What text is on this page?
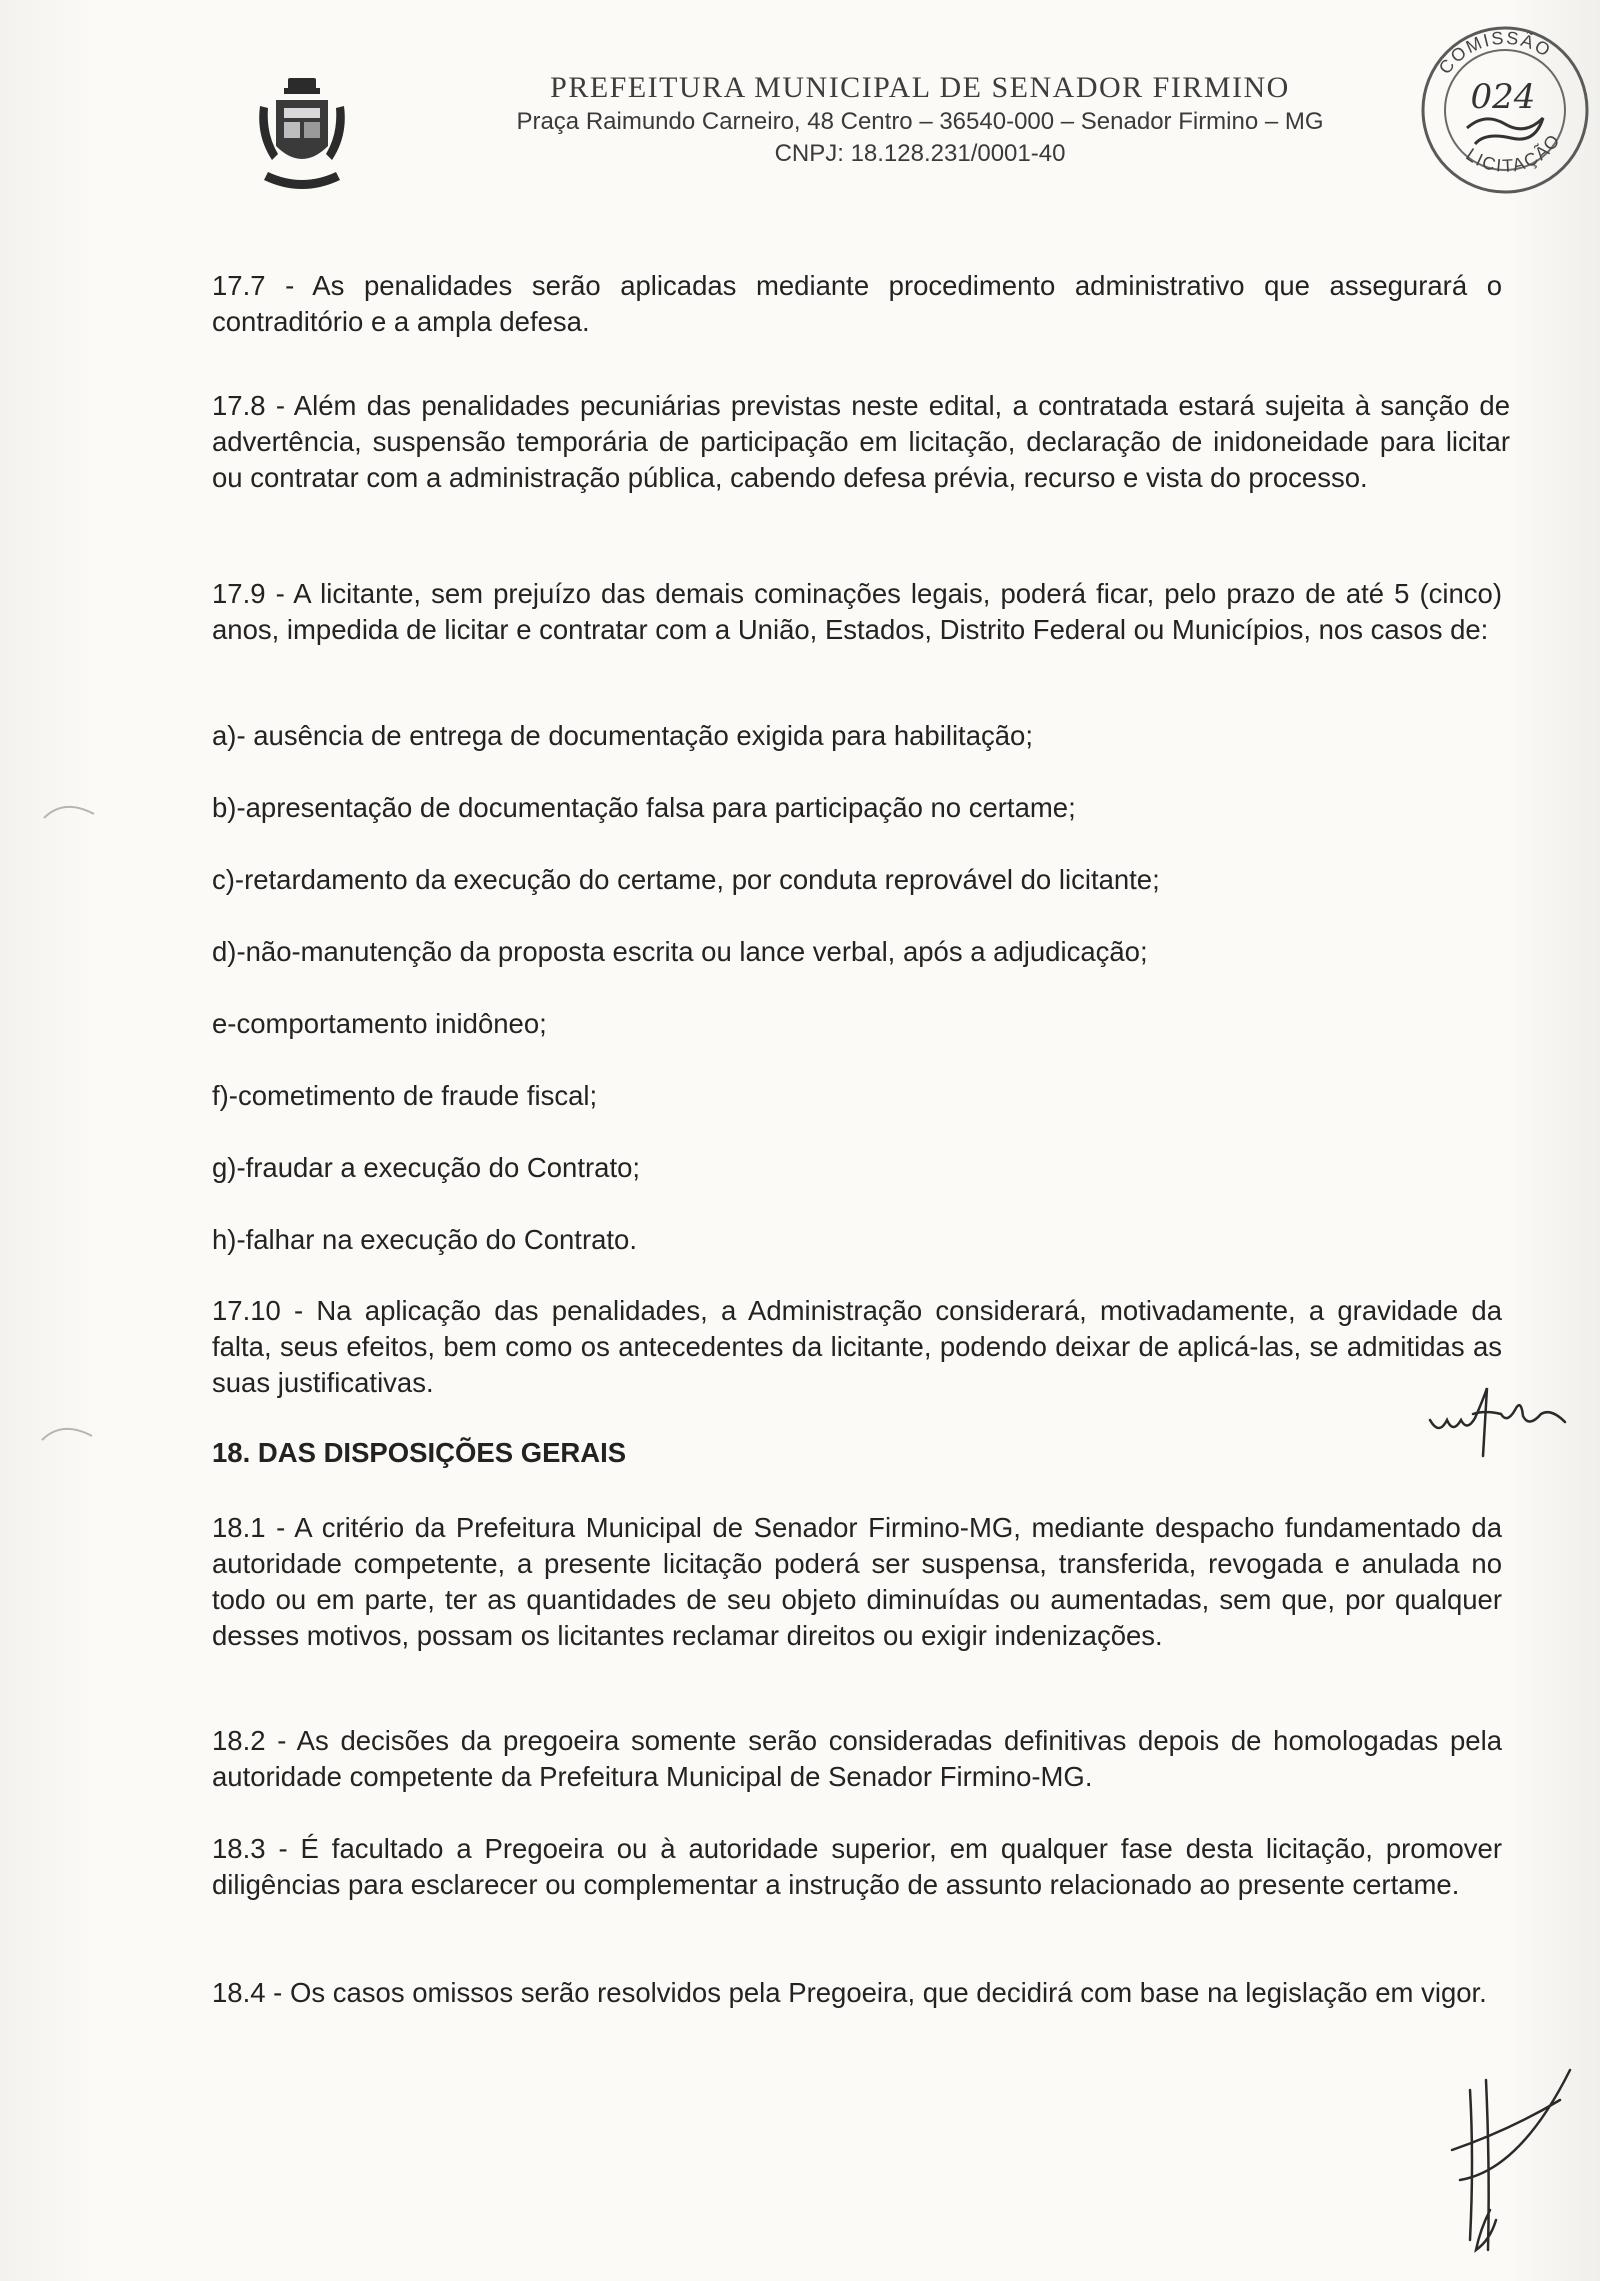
PREFEITURA MUNICIPAL DE SENADOR FIRMINO
Praça Raimundo Carneiro, 48 Centro – 36540-000 – Senador Firmino – MG
CNPJ: 18.128.231/0001-40
COMISSÃO
LICITAÇÃO
024

17.7 - As penalidades serão aplicadas mediante procedimento administrativo que assegurará o contraditório e a ampla defesa.

17.8 - Além das penalidades pecuniárias previstas neste edital, a contratada estará sujeita à sanção de advertência, suspensão temporária de participação em licitação, declaração de inidoneidade para licitar ou contratar com a administração pública, cabendo defesa prévia, recurso e vista do processo.

17.9 - A licitante, sem prejuízo das demais cominações legais, poderá ficar, pelo prazo de até 5 (cinco) anos, impedida de licitar e contratar com a União, Estados, Distrito Federal ou Municípios, nos casos de:

a)- ausência de entrega de documentação exigida para habilitação;
b)-apresentação de documentação falsa para participação no certame;
c)-retardamento da execução do certame, por conduta reprovável do licitante;
d)-não-manutenção da proposta escrita ou lance verbal, após a adjudicação;
e-comportamento inidôneo;
f)-cometimento de fraude fiscal;
g)-fraudar a execução do Contrato;
h)-falhar na execução do Contrato.

17.10 - Na aplicação das penalidades, a Administração considerará, motivadamente, a gravidade da falta, seus efeitos, bem como os antecedentes da licitante, podendo deixar de aplicá-las, se admitidas as suas justificativas.

18. DAS DISPOSIÇÕES GERAIS

18.1 - A critério da Prefeitura Municipal de Senador Firmino-MG, mediante despacho fundamentado da autoridade competente, a presente licitação poderá ser suspensa, transferida, revogada e anulada no todo ou em parte, ter as quantidades de seu objeto diminuídas ou aumentadas, sem que, por qualquer desses motivos, possam os licitantes reclamar direitos ou exigir indenizações.

18.2 - As decisões da pregoeira somente serão consideradas definitivas depois de homologadas pela autoridade competente da Prefeitura Municipal de Senador Firmino-MG.

18.3 - É facultado a Pregoeira ou à autoridade superior, em qualquer fase desta licitação, promover diligências para esclarecer ou complementar a instrução de assunto relacionado ao presente certame.

18.4 - Os casos omissos serão resolvidos pela Pregoeira, que decidirá com base na legislação em vigor.
